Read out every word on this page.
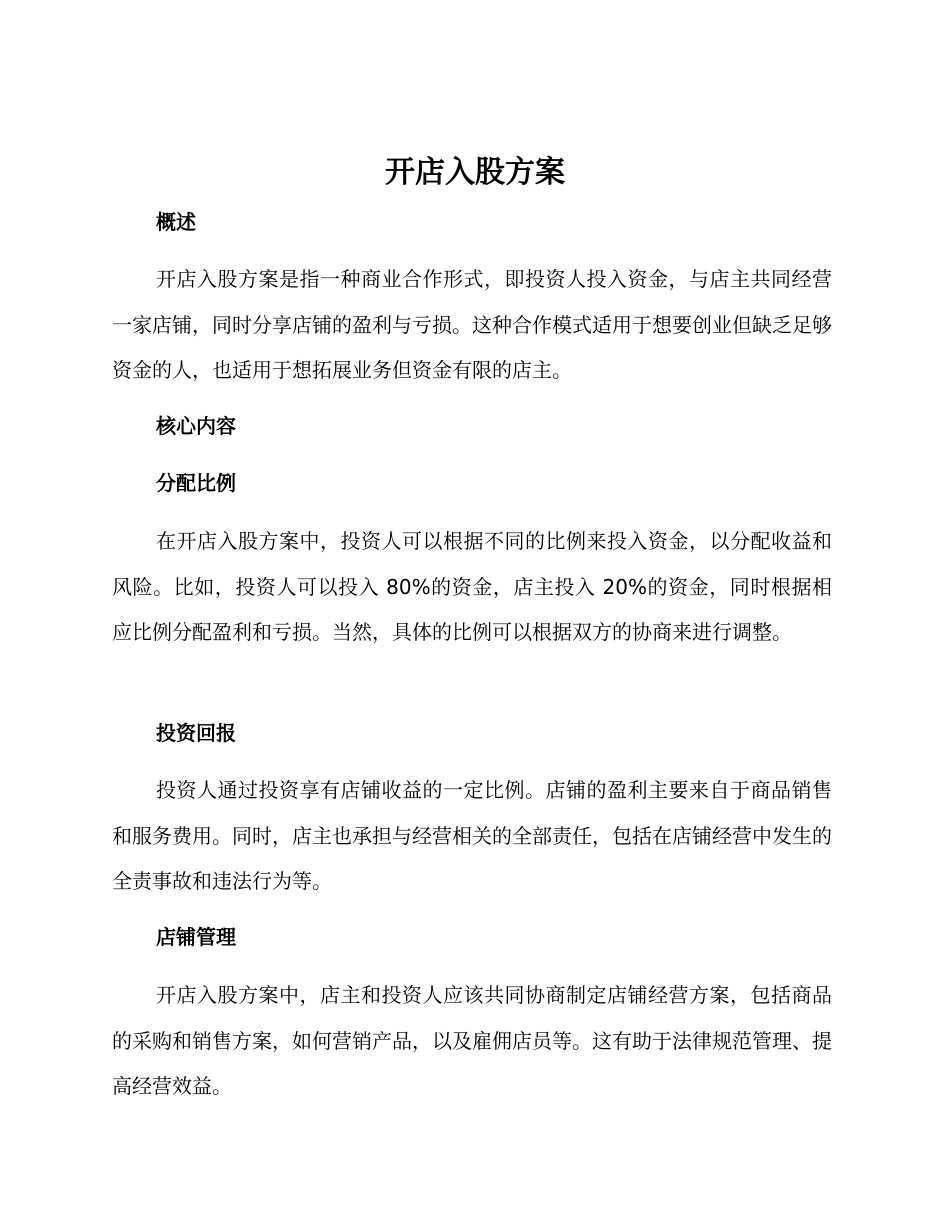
开店入股方案
概述

开店入股方案是指一种商业合作形式，即投资人投入资金，与店主共同经营一家店铺，同时分享店铺的盈利与亏损。这种合作模式适用于想要创业但缺乏足够资金的人，也适用于想拓展业务但资金有限的店主。

核心内容
分配比例

在开店入股方案中，投资人可以根据不同的比例来投入资金，以分配收益和风险。比如，投资人可以投入 80%的资金，店主投入 20%的资金，同时根据相应比例分配盈利和亏损。当然，具体的比例可以根据双方的协商来进行调整。

投资回报

投资人通过投资享有店铺收益的一定比例。店铺的盈利主要来自于商品销售和服务费用。同时，店主也承担与经营相关的全部责任，包括在店铺经营中发生的全责事故和违法行为等。

店铺管理

开店入股方案中，店主和投资人应该共同协商制定店铺经营方案，包括商品的采购和销售方案，如何营销产品，以及雇佣店员等。这有助于法律规范管理、提高经营效益。
